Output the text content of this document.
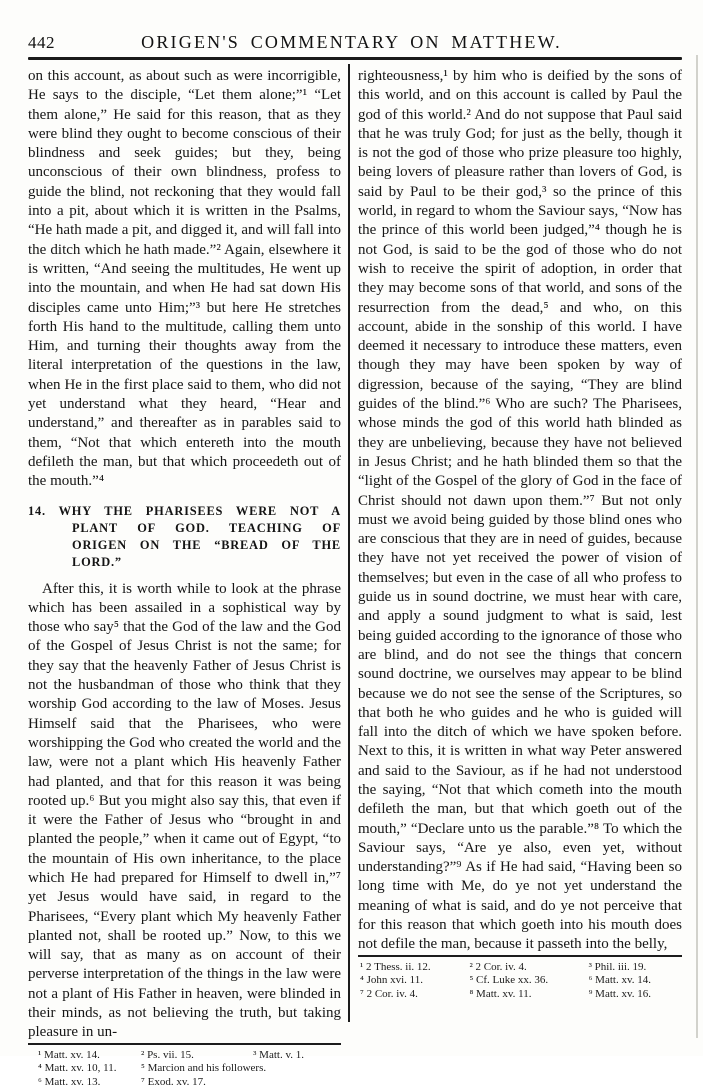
442	ORIGEN'S COMMENTARY ON MATTHEW.

on this account, as about such as were incorrigible, He says to the disciple, “Let them alone;”¹ “Let them alone,” He said for this reason, that as they were blind they ought to become conscious of their blindness and seek guides; but they, being unconscious of their own blindness, profess to guide the blind, not reckoning that they would fall into a pit, about which it is written in the Psalms, “He hath made a pit, and digged it, and will fall into the ditch which he hath made.”² Again, elsewhere it is written, “And seeing the multitudes, He went up into the mountain, and when He had sat down His disciples came unto Him;”³ but here He stretches forth His hand to the multitude, calling them unto Him, and turning their thoughts away from the literal interpretation of the questions in the law, when He in the first place said to them, who did not yet understand what they heard, “Hear and understand,” and thereafter as in parables said to them, “Not that which entereth into the mouth defileth the man, but that which proceedeth out of the mouth.”⁴

14. WHY THE PHARISEES WERE NOT A PLANT OF GOD. TEACHING OF ORIGEN ON THE “BREAD OF THE LORD.”

After this, it is worth while to look at the phrase which has been assailed in a sophistical way by those who say⁵ that the God of the law and the God of the Gospel of Jesus Christ is not the same; for they say that the heavenly Father of Jesus Christ is not the husbandman of those who think that they worship God according to the law of Moses. Jesus Himself said that the Pharisees, who were worshipping the God who created the world and the law, were not a plant which His heavenly Father had planted, and that for this reason it was being rooted up.⁶ But you might also say this, that even if it were the Father of Jesus who “brought in and planted the people,” when it came out of Egypt, “to the mountain of His own inheritance, to the place which He had prepared for Himself to dwell in,”⁷ yet Jesus would have said, in regard to the Pharisees, “Every plant which My heavenly Father planted not, shall be rooted up.” Now, to this we will say, that as many as on account of their perverse interpretation of the things in the law were not a plant of His Father in heaven, were blinded in their minds, as not believing the truth, but taking pleasure in un-

¹ Matt. xv. 14.	² Ps. vii. 15.	³ Matt. v. 1.
⁴ Matt. xv. 10, 11.	⁵ Marcion and his followers.
⁶ Matt. xv. 13.	⁷ Exod. xv. 17.

righteousness,¹ by him who is deified by the sons of this world, and on this account is called by Paul the god of this world.² And do not suppose that Paul said that he was truly God; for just as the belly, though it is not the god of those who prize pleasure too highly, being lovers of pleasure rather than lovers of God, is said by Paul to be their god,³ so the prince of this world, in regard to whom the Saviour says, “Now has the prince of this world been judged,”⁴ though he is not God, is said to be the god of those who do not wish to receive the spirit of adoption, in order that they may become sons of that world, and sons of the resurrection from the dead,⁵ and who, on this account, abide in the sonship of this world. I have deemed it necessary to introduce these matters, even though they may have been spoken by way of digression, because of the saying, “They are blind guides of the blind.”⁶ Who are such? The Pharisees, whose minds the god of this world hath blinded as they are unbelieving, because they have not believed in Jesus Christ; and he hath blinded them so that the “light of the Gospel of the glory of God in the face of Christ should not dawn upon them.”⁷ But not only must we avoid being guided by those blind ones who are conscious that they are in need of guides, because they have not yet received the power of vision of themselves; but even in the case of all who profess to guide us in sound doctrine, we must hear with care, and apply a sound judgment to what is said, lest being guided according to the ignorance of those who are blind, and do not see the things that concern sound doctrine, we ourselves may appear to be blind because we do not see the sense of the Scriptures, so that both he who guides and he who is guided will fall into the ditch of which we have spoken before. Next to this, it is written in what way Peter answered and said to the Saviour, as if he had not understood the saying, “Not that which cometh into the mouth defileth the man, but that which goeth out of the mouth,” “Declare unto us the parable.”⁸ To which the Saviour says, “Are ye also, even yet, without understanding?”⁹ As if He had said, “Having been so long time with Me, do ye not yet understand the meaning of what is said, and do ye not perceive that for this reason that which goeth into his mouth does not defile the man, because it passeth into the belly,

¹ 2 Thess. ii. 12.	² 2 Cor. iv. 4.	³ Phil. iii. 19.
⁴ John xvi. 11.	⁵ Cf. Luke xx. 36.	⁶ Matt. xv. 14.
⁷ 2 Cor. iv. 4.	⁸ Matt. xv. 11.	⁹ Matt. xv. 16.
